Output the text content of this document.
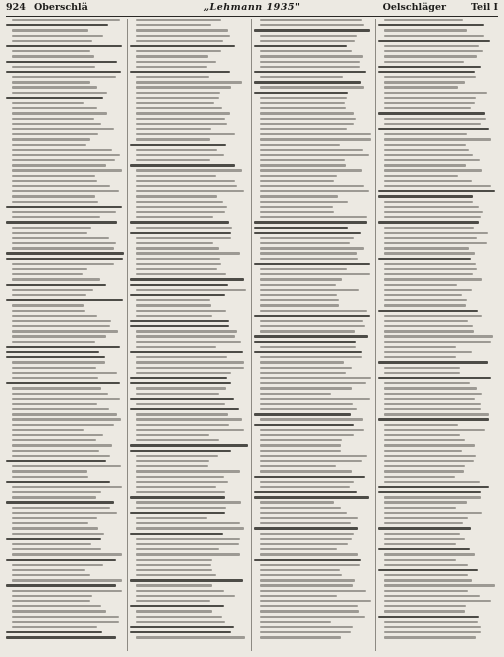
924 Oberschlä	„Lehmann 1935"	Oelschläger	Teil I
